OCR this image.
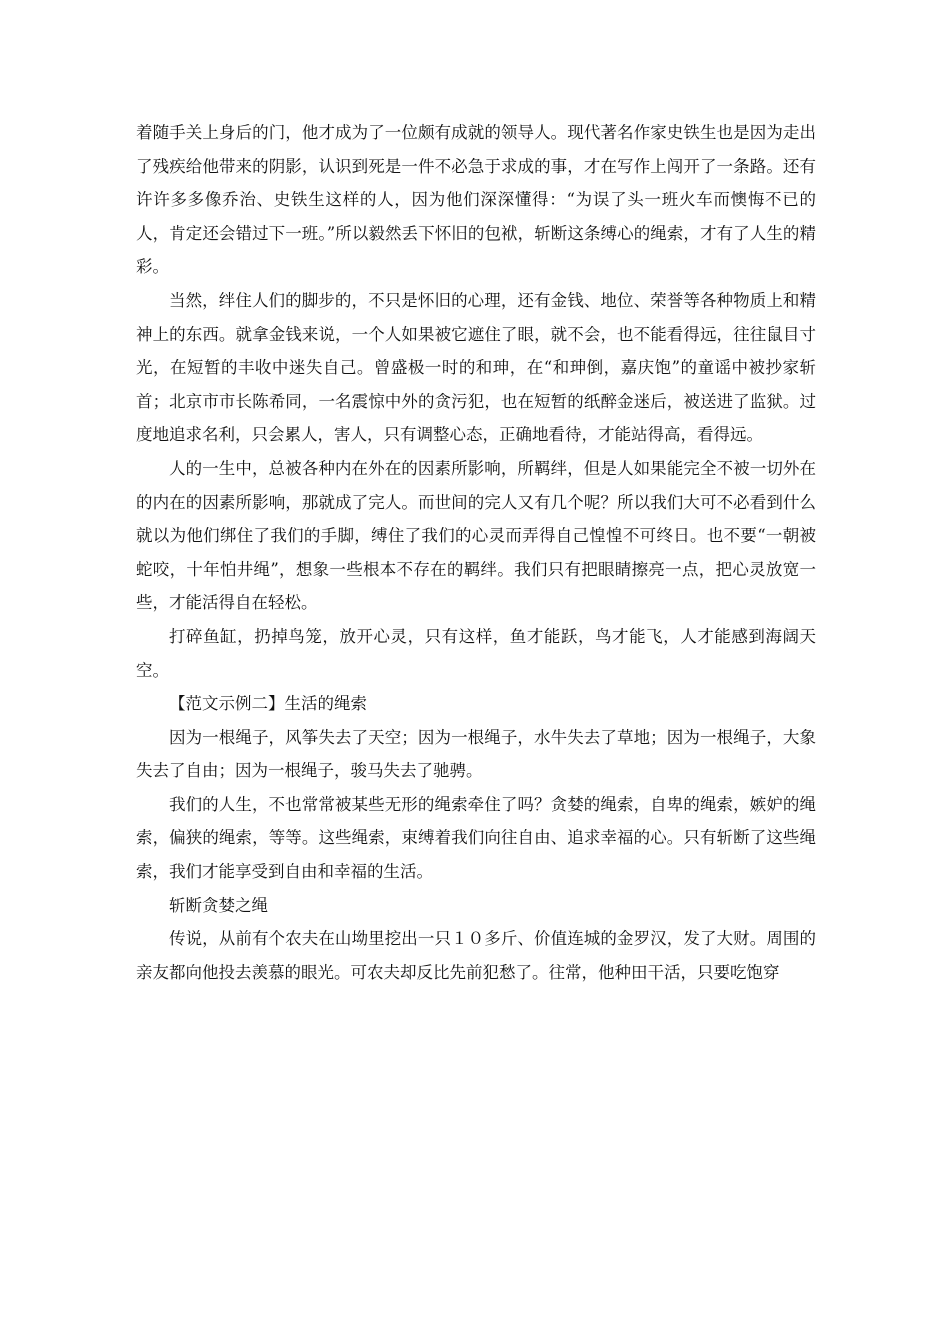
着随手关上身后的门，他才成为了一位颇有成就的领导人。现代著名作家史铁生也是因为走出了残疾给他带来的阴影，认识到死是一件不必急于求成的事，才在写作上闯开了一条路。还有许许多多像乔治、史铁生这样的人，因为他们深深懂得：“为误了头一班火车而懊悔不已的人，肯定还会错过下一班。”所以毅然丢下怀旧的包袱，斩断这条缚心的绳索，才有了人生的精彩。

当然，绊住人们的脚步的，不只是怀旧的心理，还有金钱、地位、荣誉等各种物质上和精神上的东西。就拿金钱来说，一个人如果被它遮住了眼，就不会，也不能看得远，往往鼠目寸光，在短暂的丰收中迷失自己。曾盛极一时的和珅，在“和珅倒，嘉庆饱”的童谣中被抄家斩首；北京市市长陈希同，一名震惊中外的贪污犯，也在短暂的纸醉金迷后，被送进了监狱。过度地追求名利，只会累人，害人，只有调整心态，正确地看待，才能站得高，看得远。

人的一生中，总被各种内在外在的因素所影响，所羁绊，但是人如果能完全不被一切外在的内在的因素所影响，那就成了完人。而世间的完人又有几个呢？所以我们大可不必看到什么就以为他们绑住了我们的手脚，缚住了我们的心灵而弄得自己惶惶不可终日。也不要“一朝被蛇咬，十年怕井绳”，想象一些根本不存在的羁绊。我们只有把眼睛擦亮一点，把心灵放宽一些，才能活得自在轻松。

打碎鱼缸，扔掉鸟笼，放开心灵，只有这样，鱼才能跃，鸟才能飞，人才能感到海阔天空。

【范文示例二】生活的绳索

因为一根绳子，风筝失去了天空；因为一根绳子，水牛失去了草地；因为一根绳子，大象失去了自由；因为一根绳子，骏马失去了驰骋。

我们的人生，不也常常被某些无形的绳索牵住了吗？贪婪的绳索，自卑的绳索，嫉妒的绳索，偏狭的绳索，等等。这些绳索，束缚着我们向往自由、追求幸福的心。只有斩断了这些绳索，我们才能享受到自由和幸福的生活。

斩断贪婪之绳

传说，从前有个农夫在山坳里挖出一只１０多斤、价值连城的金罗汉，发了大财。周围的亲友都向他投去羡慕的眼光。可农夫却反比先前犯愁了。往常，他种田干活，只要吃饱穿
